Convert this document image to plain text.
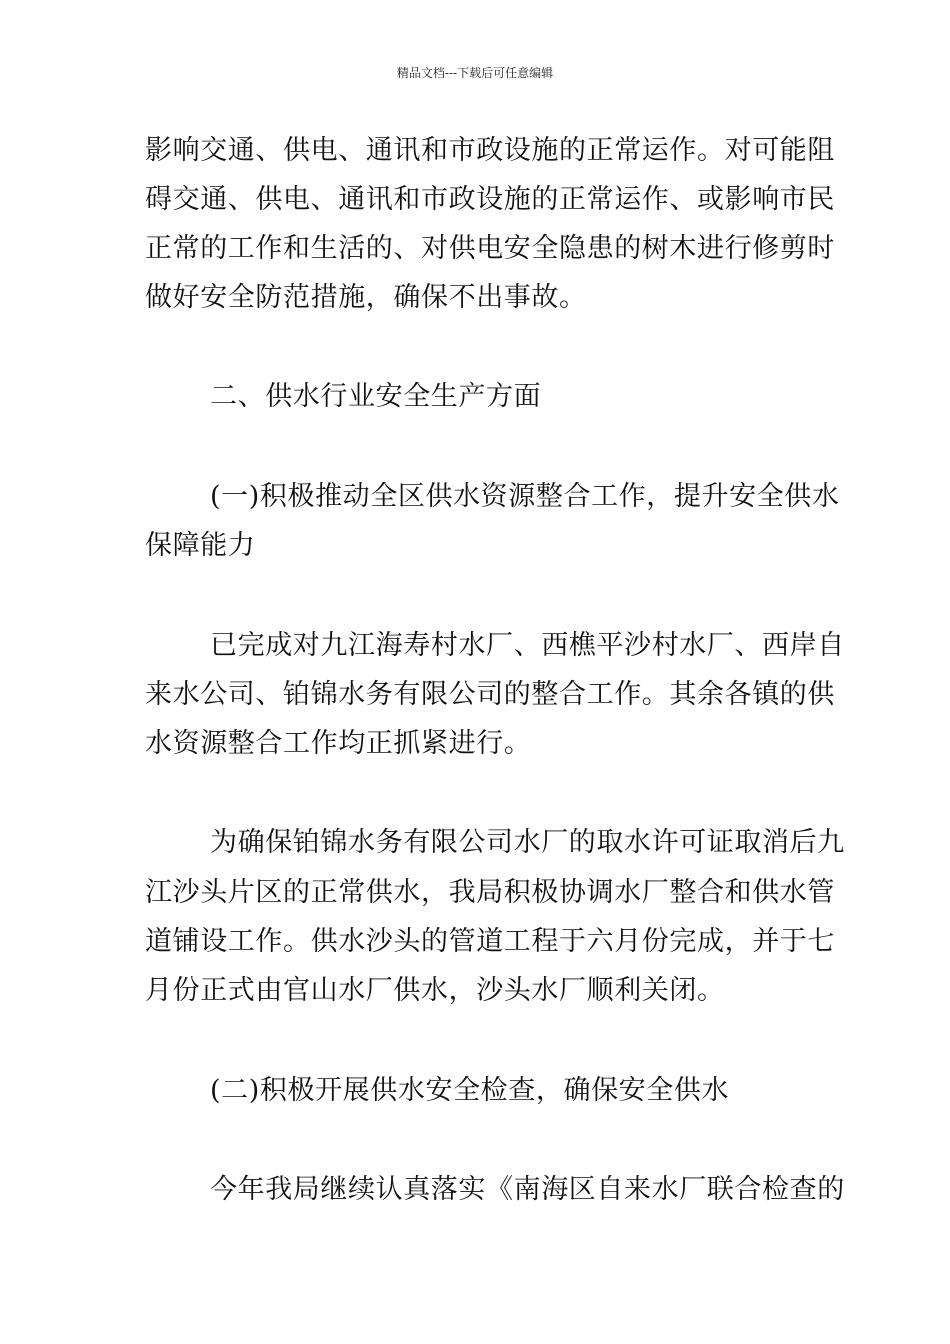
精品文档---下载后可任意编辑
影响交通、供电、通讯和市政设施的正常运作。对可能阻
碍交通、供电、通讯和市政设施的正常运作、或影响市民
正常的工作和生活的、对供电安全隐患的树木进行修剪时
做好安全防范措施，确保不出事故。
二、供水行业安全生产方面
(一)积极推动全区供水资源整合工作，提升安全供水
保障能力
已完成对九江海寿村水厂、西樵平沙村水厂、西岸自
来水公司、铂锦水务有限公司的整合工作。其余各镇的供
水资源整合工作均正抓紧进行。
为确保铂锦水务有限公司水厂的取水许可证取消后九
江沙头片区的正常供水，我局积极协调水厂整合和供水管
道铺设工作。供水沙头的管道工程于六月份完成，并于七
月份正式由官山水厂供水，沙头水厂顺利关闭。
(二)积极开展供水安全检查，确保安全供水
今年我局继续认真落实《南海区自来水厂联合检查的
